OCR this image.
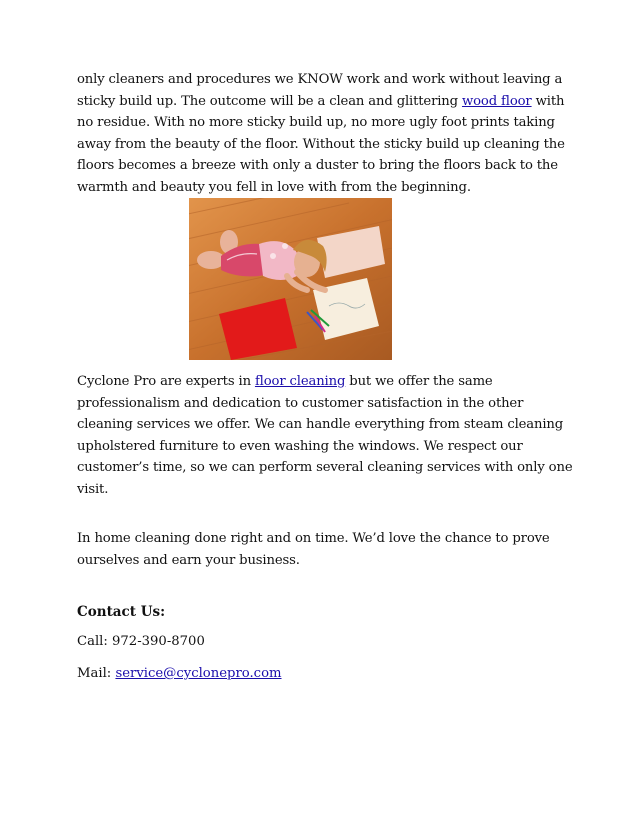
only cleaners and procedures we KNOW work and work without leaving a
sticky build up. The outcome will be a clean and glittering wood floor with
no residue. With no more sticky build up, no more ugly foot prints taking
away from the beauty of the floor. Without the sticky build up cleaning the
floors becomes a breeze with only a duster to bring the floors back to the
warmth and beauty you fell in love with from the beginning.
Cyclone Pro are experts in floor cleaning but we offer the same
professionalism and dedication to customer satisfaction in the other
cleaning services we offer. We can handle everything from steam cleaning
upholstered furniture to even washing the windows. We respect our
customer’s time, so we can perform several cleaning services with only one
visit.
In home cleaning done right and on time. We’d love the chance to prove
ourselves and earn your business.
Contact Us:
Call: 972-390-8700
Mail: service@cyclonepro.com
